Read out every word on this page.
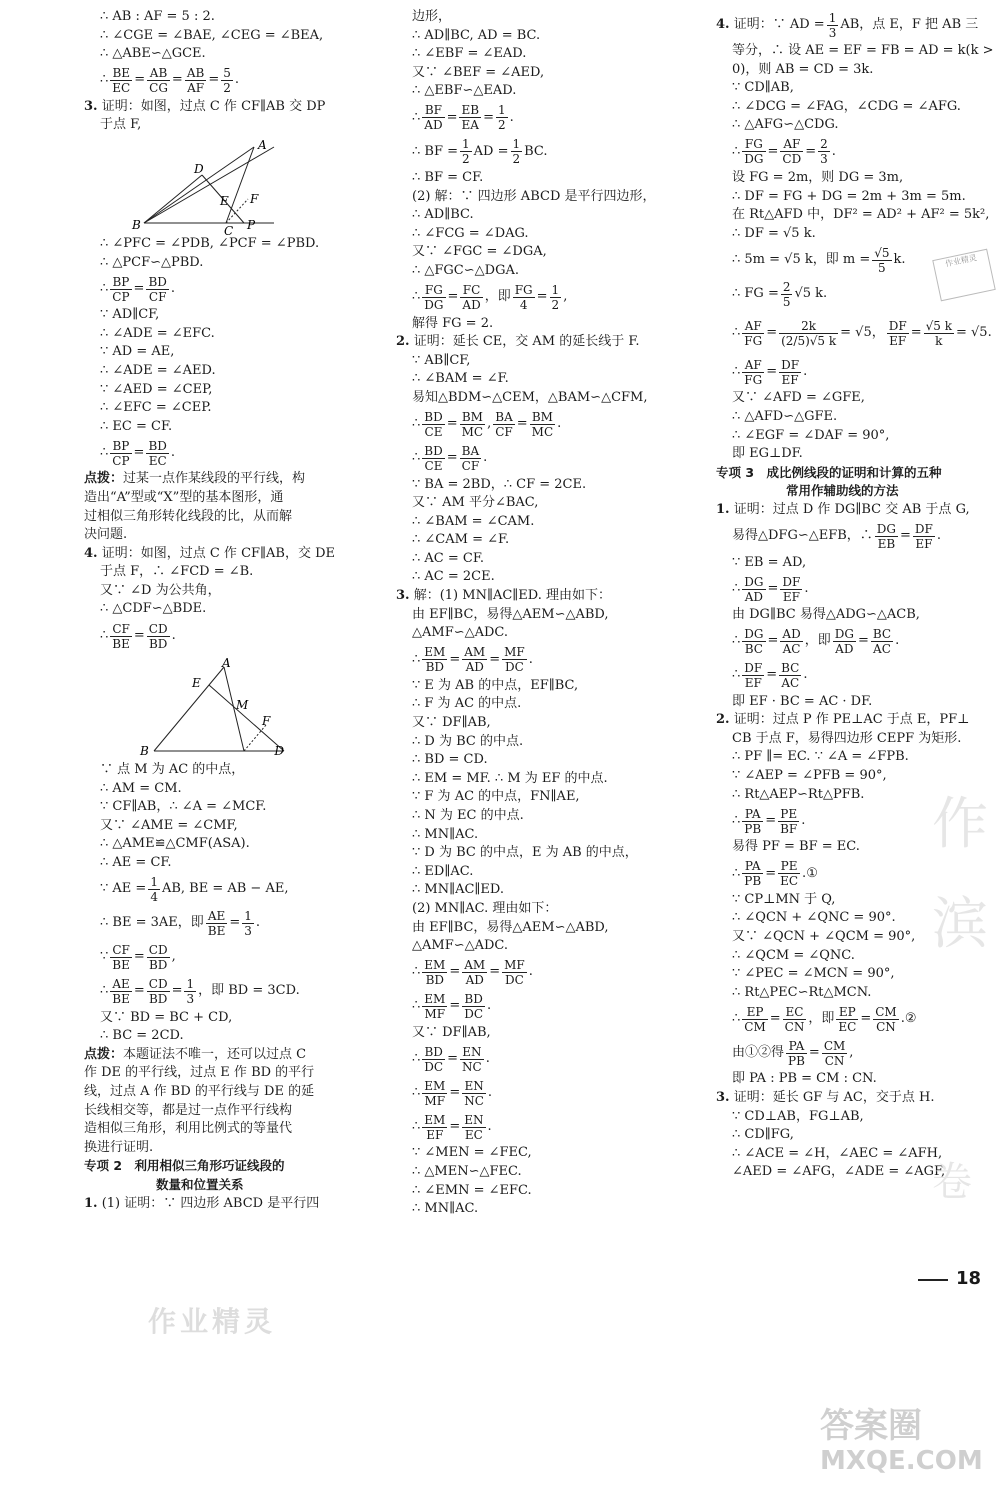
∴ AB : AF = 5 : 2.
∴ ∠CGE = ∠BAE, ∠CEG = ∠BEA,
∴ △ABE∽△GCE.
∴ $\frac{BE}{EC} = \frac{AB}{CG} = \frac{AB}{AF} = \frac{5}{2}$ .
3. 证明：如图，过点 C 作 CF∥AB 交 DP
于点 F,
B
A
D
E F
C P
∴ ∠PFC = ∠PDB, ∠PCF = ∠PBD.
∴ △PCF∽△PBD.
∴ $\frac{BP}{CP} = \frac{BD}{CF}$ .
∵ AD∥CF,
∴ ∠ADE = ∠EFC.
∵ AD = AE,
∴ ∠ADE = ∠AED.
∵ ∠AED = ∠CEP,
∴ ∠EFC = ∠CEP.
∴ EC = CF.
∴ $\frac{BP}{CP} = \frac{BD}{EC}$ .
点拨：过某一点作某线段的平行线，构
造出“A”型或“X”型的基本图形，通
过相似三角形转化线段的比，从而解
决问题.
4. 证明：如图，过点 C 作 CF∥AB，交 DE
于点 F，∴ ∠FCD = ∠B.
又∵ ∠D 为公共角，
∴ △CDF∽△BDE.
∴ $\frac{CF}{BE} = \frac{CD}{BD}$ .
B
A
E
M
F
D
∵ 点 M 为 AC 的中点，
∴ AM = CM.
∵ CF∥AB，∴ ∠A = ∠MCF.
又∵ ∠AME = ∠CMF,
∴ △AME≌△CMF(ASA).
∴ AE = CF.
∵ AE = $\frac{1}{4}$ AB, BE = AB − AE,
∴ BE = 3AE，即 $\frac{AE}{BE} = \frac{1}{3}$ .
∵ $\frac{CF}{BE} = \frac{CD}{BD}$ ,
∴ $\frac{AE}{BE} = \frac{CD}{BD} = \frac{1}{3}$ ，即 BD = 3CD.
又∵ BD = BC + CD,
∴ BC = 2CD.
点拨：本题证法不唯一，还可以过点 C
作 DE 的平行线，过点 E 作 BD 的平行
线，过点 A 作 BD 的平行线与 DE 的延
长线相交等，都是过一点作平行线构
造相似三角形，利用比例式的等量代
换进行证明.
专项 2　利用相似三角形巧证线段的
数量和位置关系
1. (1) 证明：∵ 四边形 ABCD 是平行四
边形，
∴ AD∥BC, AD = BC.
∴ ∠EBF = ∠EAD.
又∵ ∠BEF = ∠AED,
∴ △EBF∽△EAD.
∴ $\frac{BF}{AD} = \frac{EB}{EA} = \frac{1}{2}$ .
∴ BF = $\frac{1}{2}$ AD = $\frac{1}{2}$ BC.
∴ BF = CF.
(2) 解：∵ 四边形 ABCD 是平行四边形，
∴ AD∥BC.
∴ ∠FCG = ∠DAG.
又∵ ∠FGC = ∠DGA,
∴ △FGC∽△DGA.
∴ $\frac{FG}{DG} = \frac{FC}{AD}$ ，即 $\frac{FG}{4} = \frac{1}{2}$ ,
解得 FG = 2.
2. 证明：延长 CE，交 AM 的延长线于 F.
∵ AB∥CF,
∴ ∠BAM = ∠F.
易知△BDM∽△CEM，△BAM∽△CFM,
∴ $\frac{BD}{CE} = \frac{BM}{MC}$ , $\frac{BA}{CF} = \frac{BM}{MC}$ .
∴ $\frac{BD}{CE} = \frac{BA}{CF}$ .
∵ BA = 2BD，∴ CF = 2CE.
又∵ AM 平分∠BAC,
∴ ∠BAM = ∠CAM.
∴ ∠CAM = ∠F.
∴ AC = CF.
∴ AC = 2CE.
3. 解：(1) MN∥AC∥ED. 理由如下：
由 EF∥BC，易得△AEM∽△ABD,
△AMF∽△ADC.
∴ $\frac{EM}{BD} = \frac{AM}{AD} = \frac{MF}{DC}$ .
∵ E 为 AB 的中点，EF∥BC,
∴ F 为 AC 的中点.
又∵ DF∥AB,
∴ D 为 BC 的中点.
∴ BD = CD.
∴ EM = MF. ∴ M 为 EF 的中点.
∵ F 为 AC 的中点，FN∥AE,
∴ N 为 EC 的中点.
∴ MN∥AC.
∵ D 为 BC 的中点，E 为 AB 的中点，
∴ ED∥AC.
∴ MN∥AC∥ED.
(2) MN∥AC. 理由如下：
由 EF∥BC，易得△AEM∽△ABD,
△AMF∽△ADC.
∴ $\frac{EM}{BD} = \frac{AM}{AD} = \frac{MF}{DC}$ .
∴ $\frac{EM}{MF} = \frac{BD}{DC}$ .
又∵ DF∥AB,
∴ $\frac{BD}{DC} = \frac{EN}{NC}$ .
∴ $\frac{EM}{MF} = \frac{EN}{NC}$ .
∴ $\frac{EM}{EF} = \frac{EN}{EC}$ .
∵ ∠MEN = ∠FEC,
∴ △MEN∽△FEC.
∴ ∠EMN = ∠EFC.
∴ MN∥AC.
4.
证明：∵ AD = $\frac{1}{3}$ AB，点 E，F 把 AB 三
等分，∴ 设 AE = EF = FB = AD = k(k >
0)，则 AB = CD = 3k.
∵ CD∥AB,
∴ ∠DCG = ∠FAG，∠CDG = ∠AFG.
∴ △AFG∽△CDG.
∴ $\frac{FG}{DG} = \frac{AF}{CD} = \frac{2}{3}$ .
设 FG = 2m，则 DG = 3m,
∴ DF = FG + DG = 2m + 3m = 5m.
在 Rt△AFD 中，DF² = AD² + AF² = 5k²,
∴ DF = √5 k.
∴ 5m = √5 k，即 $m = \frac{√5}{5} k$.
∴ FG = $\frac{2}{5} √5$ k.
∴ $\frac{AF}{FG} = \frac{2k}{(2/5)√5 k} = √5$， $\frac{DF}{EF} = \frac{√5 k}{k} = √5$.
∴ $\frac{AF}{FG} = \frac{DF}{EF}$ .
又∵ ∠AFD = ∠GFE,
∴ △AFD∽△GFE.
∴ ∠EGF = ∠DAF = 90°,
即 EG⊥DF.
专项 3　成比例线段的证明和计算的五种
常用作辅助线的方法
1. 证明：过点 D 作 DG∥BC 交 AB 于点 G,
易得△DFG∽△EFB，∴ $\frac{DG}{EB} = \frac{DF}{EF}$ .
∵ EB = AD,
∴ $\frac{DG}{AD} = \frac{DF}{EF}$ .
由 DG∥BC 易得△ADG∽△ACB,
∴ $\frac{DG}{BC} = \frac{AD}{AC}$ ，即 $\frac{DG}{AD} = \frac{BC}{AC}$ .
∴ $\frac{DF}{EF} = \frac{BC}{AC}$ .
即 EF · BC = AC · DF.
2. 证明：过点 P 作 PE⊥AC 于点 E，PF⊥
CB 于点 F，易得四边形 CEPF 为矩形.
∴ PF ∥= EC. ∵ ∠A = ∠FPB.
∵ ∠AEP = ∠PFB = 90°,
∴ Rt△AEP∽Rt△PFB.
∴ $\frac{PA}{PB} = \frac{PE}{BF}$ .
易得 PF = BF = EC.
∴ $\frac{PA}{PB} = \frac{PE}{EC}$ . ①
∵ CP⊥MN 于 Q,
∴ ∠QCN + ∠QNC = 90°.
又∵ ∠QCN + ∠QCM = 90°,
∴ ∠QCM = ∠QNC.
∵ ∠PEC = ∠MCN = 90°,
∴ Rt△PEC∽Rt△MCN.
∴ $\frac{EP}{CM} = \frac{EC}{CN}$ ，即 $\frac{EP}{EC} = \frac{CM}{CN}$ . ②
由①②得 $\frac{PA}{PB} = \frac{CM}{CN}$ ,
即 PA : PB = CM : CN.
3. 证明：延长 GF 与 AC，交于点 H.
∵ CD⊥AB，FG⊥AB,
∴ CD∥FG,
∴ ∠ACE = ∠H，∠AEC = ∠AFH,
∠AED = ∠AFG，∠ADE = ∠AGF,
作业精灵
作
滨
卷
18
作业精灵
答案圈
MXQE.COM
